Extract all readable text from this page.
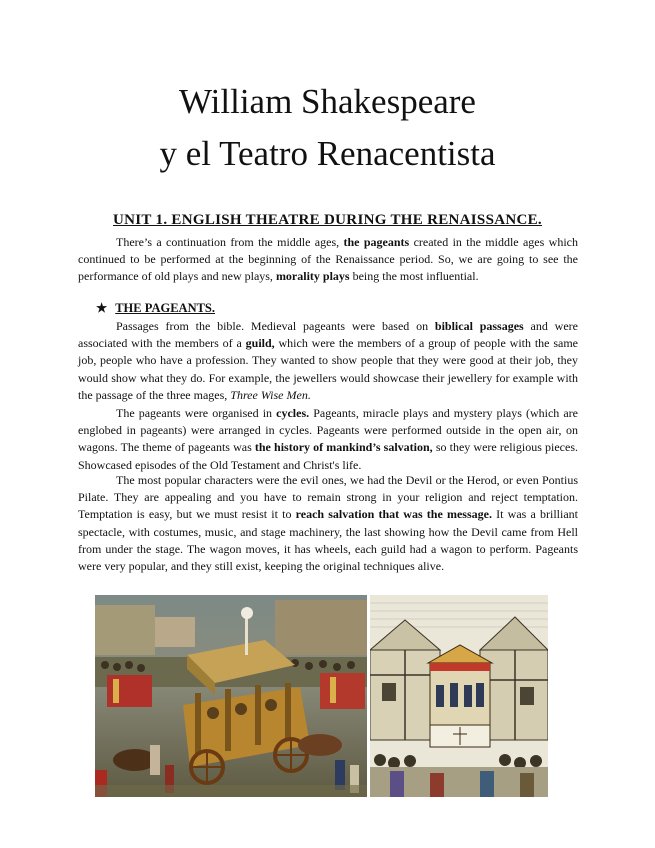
William Shakespeare
y el Teatro Renacentista
UNIT 1. ENGLISH THEATRE DURING THE RENAISSANCE.

There’s a continuation from the middle ages, the pageants created in the middle ages which continued to be performed at the beginning of the Renaissance period. So, we are going to see the performance of old plays and new plays, morality plays being the most influential.

★ THE PAGEANTS.

Passages from the bible. Medieval pageants were based on biblical passages and were associated with the members of a guild, which were the members of a group of people with the same job, people who have a profession. They wanted to show people that they were good at their job, they would show what they do. For example, the jewellers would showcase their jewellery for example with the passage of the three mages, Three Wise Men.

The pageants were organised in cycles. Pageants, miracle plays and mystery plays (which are englobed in pageants) were arranged in cycles. Pageants were performed outside in the open air, on wagons. The theme of pageants was the history of mankind’s salvation, so they were religious pieces. Showcased episodes of the Old Testament and Christ's life.

The most popular characters were the evil ones, we had the Devil or the Herod, or even Pontius Pilate. They are appealing and you have to remain strong in your religion and reject temptation. Temptation is easy, but we must resist it to reach salvation that was the message. It was a brilliant spectacle, with costumes, music, and stage machinery, the last showing how the Devil came from Hell from under the stage. The wagon moves, it has wheels, each guild had a wagon to perform. Pageants were very popular, and they still exist, keeping the original techniques alive.
